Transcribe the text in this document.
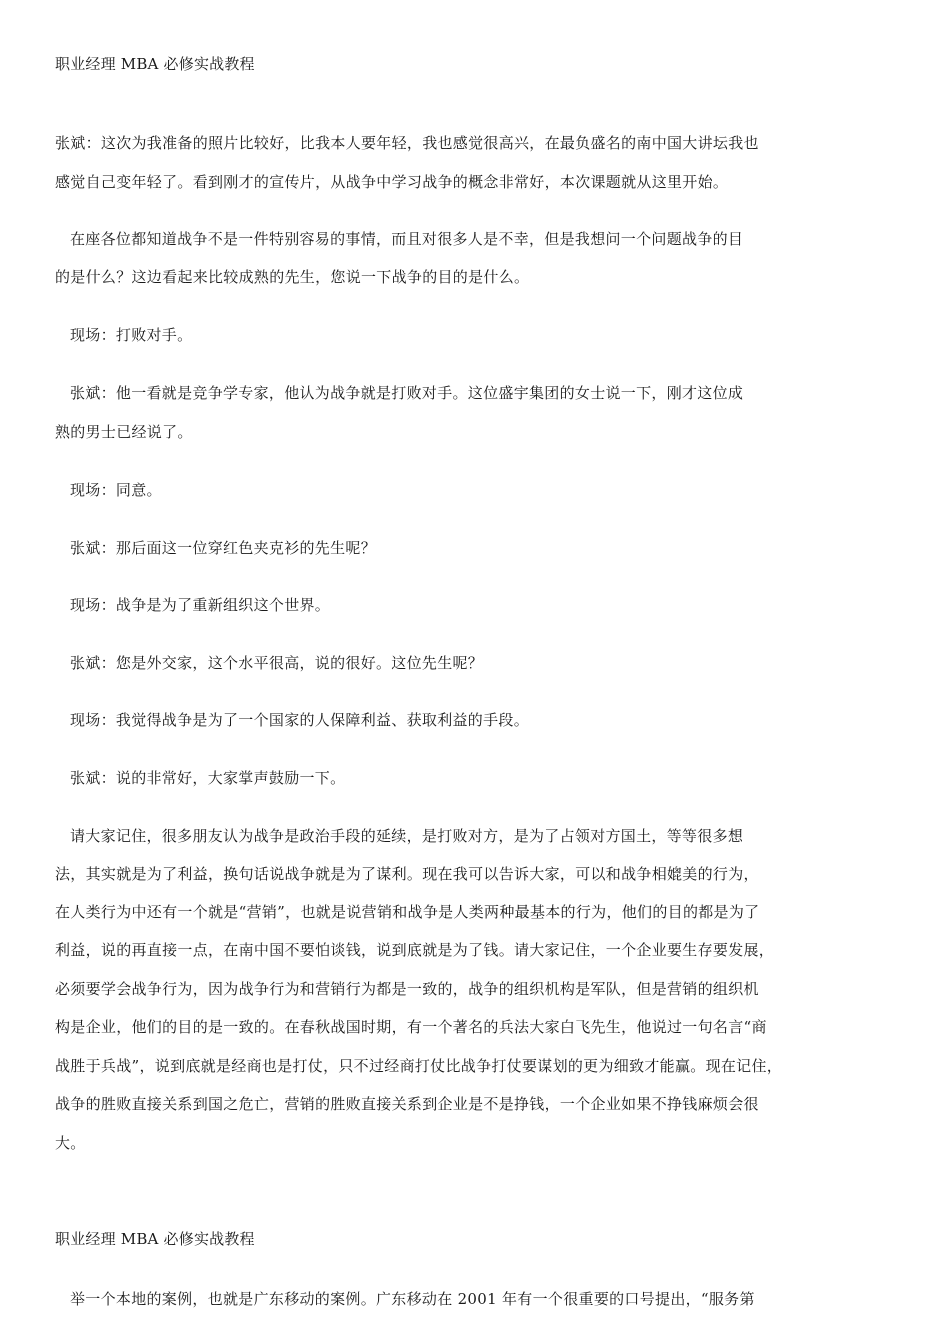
职业经理 MBA 必修实战教程
张斌：这次为我准备的照片比较好，比我本人要年轻，我也感觉很高兴，在最负盛名的南中国大讲坛我也
感觉自己变年轻了。看到刚才的宣传片，从战争中学习战争的概念非常好，本次课题就从这里开始。
在座各位都知道战争不是一件特别容易的事情，而且对很多人是不幸，但是我想问一个问题战争的目
的是什么？这边看起来比较成熟的先生，您说一下战争的目的是什么。
现场：打败对手。
张斌：他一看就是竞争学专家，他认为战争就是打败对手。这位盛宇集团的女士说一下，刚才这位成
熟的男士已经说了。
现场：同意。
张斌：那后面这一位穿红色夹克衫的先生呢？
现场：战争是为了重新组织这个世界。
张斌：您是外交家，这个水平很高，说的很好。这位先生呢？
现场：我觉得战争是为了一个国家的人保障利益、获取利益的手段。
张斌：说的非常好，大家掌声鼓励一下。
请大家记住，很多朋友认为战争是政治手段的延续，是打败对方，是为了占领对方国土，等等很多想
法，其实就是为了利益，换句话说战争就是为了谋利。现在我可以告诉大家，可以和战争相媲美的行为，
在人类行为中还有一个就是“营销”，也就是说营销和战争是人类两种最基本的行为，他们的目的都是为了
利益，说的再直接一点，在南中国不要怕谈钱，说到底就是为了钱。请大家记住，一个企业要生存要发展，
必须要学会战争行为，因为战争行为和营销行为都是一致的，战争的组织机构是军队，但是营销的组织机
构是企业，他们的目的是一致的。在春秋战国时期，有一个著名的兵法大家白飞先生，他说过一句名言“商
战胜于兵战”，说到底就是经商也是打仗，只不过经商打仗比战争打仗要谋划的更为细致才能赢。现在记住，
战争的胜败直接关系到国之危亡，营销的胜败直接关系到企业是不是挣钱，一个企业如果不挣钱麻烦会很
大。
职业经理 MBA 必修实战教程
举一个本地的案例，也就是广东移动的案例。广东移动在 2001 年有一个很重要的口号提出，“服务第
